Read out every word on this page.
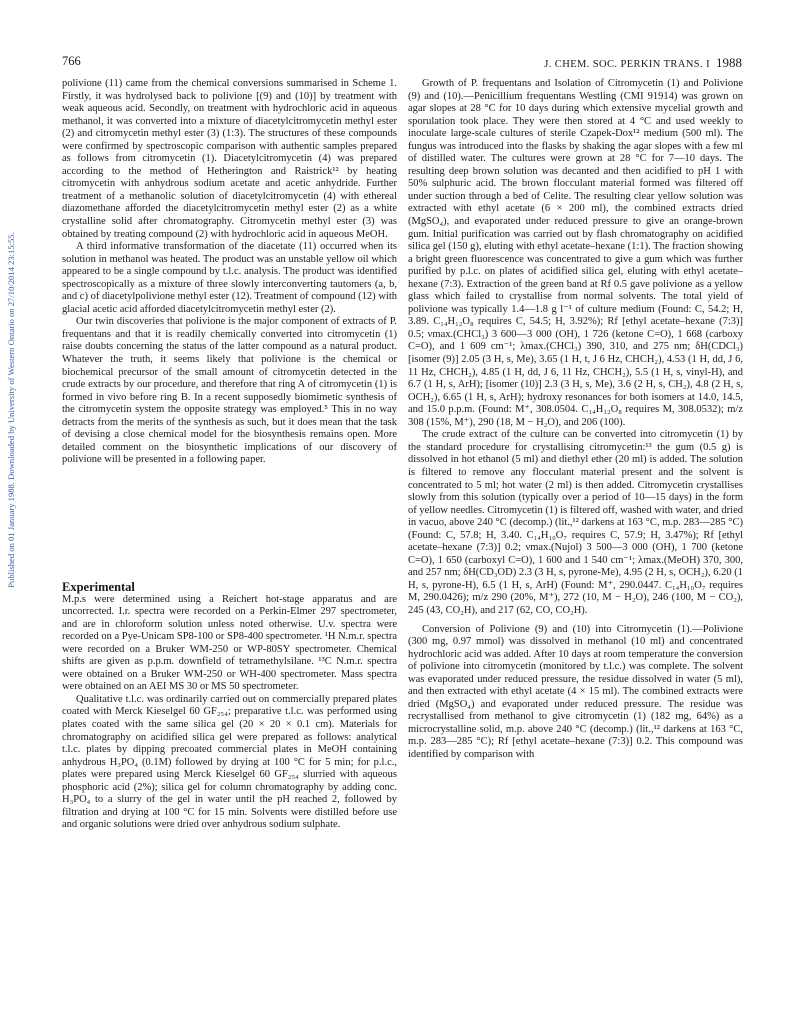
766	J. CHEM. SOC. PERKIN TRANS. I 1988
Published on 01 January 1988. Downloaded by University of Western Ontario on 27/10/2014 23:15:55.

polivione (11) came from the chemical conversions summarised in Scheme 1. Firstly, it was hydrolysed back to polivione [(9) and (10)] by treatment with weak aqueous acid. Secondly, on treatment with hydrochloric acid in aqueous methanol, it was converted into a mixture of diacetylcitromycetin methyl ester (2) and citromycetin methyl ester (3) (1:3). The structures of these compounds were confirmed by spectroscopic comparison with authentic samples prepared as follows from citromycetin (1). Diacetylcitromycetin (4) was prepared according to the method of Hetherington and Raistrick¹² by heating citromycetin with anhydrous sodium acetate and acetic anhydride. Further treatment of a methanolic solution of diacetylcitromycetin (4) with ethereal diazomethane afforded the diacetylcitromycetin methyl ester (2) as a white crystalline solid after chromatography. Citromycetin methyl ester (3) was obtained by treating compound (2) with hydrochloric acid in aqueous MeOH.

A third informative transformation of the diacetate (11) occurred when its solution in methanol was heated. The product was an unstable yellow oil which appeared to be a single compound by t.l.c. analysis. The product was identified spectroscopically as a mixture of three slowly interconverting tautomers (a, b, and c) of diacetylpolivione methyl ester (12). Treatment of compound (12) with glacial acetic acid afforded diacetylcitromycetin methyl ester (2).

Our twin discoveries that polivione is the major component of extracts of P. frequentans and that it is readily chemically converted into citromycetin (1) raise doubts concerning the status of the latter compound as a natural product. Whatever the truth, it seems likely that polivione is the chemical or biochemical precursor of the small amount of citromycetin detected in the crude extracts by our procedure, and therefore that ring A of citromycetin (1) is formed in vivo before ring B. In a recent supposedly biomimetic synthesis of the citromycetin system the opposite strategy was employed.⁵ This in no way detracts from the merits of the synthesis as such, but it does mean that the task of devising a close chemical model for the biosynthesis remains open. More detailed comment on the biosynthetic implications of our discovery of polivione will be presented in a following paper.

Experimental

M.p.s were determined using a Reichert hot-stage apparatus and are uncorrected. I.r. spectra were recorded on a Perkin-Elmer 297 spectrometer, and are in chloroform solution unless noted otherwise. U.v. spectra were recorded on a Pye-Unicam SP8-100 or SP8-400 spectrometer. ¹H N.m.r. spectra were recorded on a Bruker WM-250 or WP-80SY spectrometer. Chemical shifts are given as p.p.m. downfield of tetramethylsilane. ¹³C N.m.r. spectra were obtained on a Bruker WM-250 or WH-400 spectrometer. Mass spectra were obtained on an AEI MS 30 or MS 50 spectrometer.

Qualitative t.l.c. was ordinarily carried out on commercially prepared plates coated with Merck Kieselgel 60 GF₂₅₄; preparative t.l.c. was performed using plates coated with the same silica gel (20 × 20 × 0.1 cm). Materials for chromatography on acidified silica gel were prepared as follows: analytical t.l.c. plates by dipping precoated commercial plates in MeOH containing anhydrous H₃PO₄ (0.1M) followed by drying at 100 °C for 5 min; for p.l.c., plates were prepared using Merck Kieselgel 60 GF₂₅₄ slurried with aqueous phosphoric acid (2%); silica gel for column chromatography by adding conc. H₃PO₄ to a slurry of the gel in water until the pH reached 2, followed by filtration and drying at 100 °C for 15 min. Solvents were distilled before use and organic solutions were dried over anhydrous sodium sulphate.

Growth of P. frequentans and Isolation of Citromycetin (1) and Polivione (9) and (10).—Penicillium frequentans Westling (CMI 91914) was grown on agar slopes at 28 °C for 10 days during which extensive mycelial growth and sporulation took place. They were then stored at 4 °C and used weekly to inoculate large-scale cultures of sterile Czapek-Dox¹² medium (500 ml). The fungus was introduced into the flasks by shaking the agar slopes with a few ml of distilled water. The cultures were grown at 28 °C for 7—10 days. The resulting deep brown solution was decanted and then acidified to pH 1 with 50% sulphuric acid. The brown flocculant material formed was filtered off under suction through a bed of Celite. The resulting clear yellow solution was extracted with ethyl acetate (6 × 200 ml), the combined extracts dried (MgSO₄), and evaporated under reduced pressure to give an orange-brown gum. Initial purification was carried out by flash chromatography on acidified silica gel (150 g), eluting with ethyl acetate–hexane (1:1). The fraction showing a bright green fluorescence was concentrated to give a gum which was further purified by p.l.c. on plates of acidified silica gel, eluting with ethyl acetate–hexane (7:3). Extraction of the green band at Rf 0.5 gave polivione as a yellow glass which failed to crystallise from normal solvents. The total yield of polivione was typically 1.4—1.8 g l⁻¹ of culture medium (Found: C, 54.2; H, 3.89. C₁₄H₁₂O₈ requires C, 54.5; H, 3.92%); Rf [ethyl acetate–hexane (7:3)] 0.5; νmax.(CHCl₃) 3 600—3 000 (OH), 1 726 (ketone C=O), 1 668 (carboxy C=O), and 1 609 cm⁻¹; λmax.(CHCl₃) 390, 310, and 275 nm; δH(CDCl₃) [isomer (9)] 2.05 (3 H, s, Me), 3.65 (1 H, t, J 6 Hz, CHCH₂), 4.53 (1 H, dd, J 6, 11 Hz, CHCH₂), 4.85 (1 H, dd, J 6, 11 Hz, CHCH₂), 5.5 (1 H, s, vinyl-H), and 6.7 (1 H, s, ArH); [isomer (10)] 2.3 (3 H, s, Me), 3.6 (2 H, s, CH₂), 4.8 (2 H, s, OCH₂), 6.65 (1 H, s, ArH); hydroxy resonances for both isomers at 14.0, 14.5, and 15.0 p.p.m. (Found: M⁺, 308.0504. C₁₄H₁₂O₈ requires M, 308.0532); m/z 308 (15%, M⁺), 290 (18, M − H₂O), and 206 (100).

The crude extract of the culture can be converted into citromycetin (1) by the standard procedure for crystallising citromycetin:¹³ the gum (0.5 g) is dissolved in hot ethanol (5 ml) and diethyl ether (20 ml) is added. The solution is filtered to remove any flocculant material present and the solvent is concentrated to 5 ml; hot water (2 ml) is then added. Citromycetin crystallises slowly from this solution (typically over a period of 10—15 days) in the form of yellow needles. Citromycetin (1) is filtered off, washed with water, and dried in vacuo, above 240 °C (decomp.) (lit.,¹² darkens at 163 °C, m.p. 283—285 °C) (Found: C, 57.8; H, 3.40. C₁₄H₁₀O₇ requires C, 57.9; H, 3.47%); Rf [ethyl acetate–hexane (7:3)] 0.2; νmax.(Nujol) 3 500—3 000 (OH), 1 700 (ketone C=O), 1 650 (carboxyl C=O), 1 600 and 1 540 cm⁻¹; λmax.(MeOH) 370, 300, and 257 nm; δH(CD₃OD) 2.3 (3 H, s, pyrone-Me), 4.95 (2 H, s, OCH₂), 6.20 (1 H, s, pyrone-H), 6.5 (1 H, s, ArH) (Found: M⁺, 290.0447. C₁₄H₁₀O₇ requires M, 290.0426); m/z 290 (20%, M⁺), 272 (10, M − H₂O), 246 (100, M − CO₂), 245 (43, CO₂H), and 217 (62, CO, CO₂H).

Conversion of Polivione (9) and (10) into Citromycetin (1).—Polivione (300 mg, 0.97 mmol) was dissolved in methanol (10 ml) and concentrated hydrochloric acid was added. After 10 days at room temperature the conversion of polivione into citromycetin (monitored by t.l.c.) was complete. The solvent was evaporated under reduced pressure, the residue dissolved in water (5 ml), and then extracted with ethyl acetate (4 × 15 ml). The combined extracts were dried (MgSO₄) and evaporated under reduced pressure. The residue was recrystallised from methanol to give citromycetin (1) (182 mg, 64%) as a microcrystalline solid, m.p. above 240 °C (decomp.) (lit.,¹² darkens at 163 °C, m.p. 283—285 °C); Rf [ethyl acetate–hexane (7:3)] 0.2. This compound was identified by comparison with
